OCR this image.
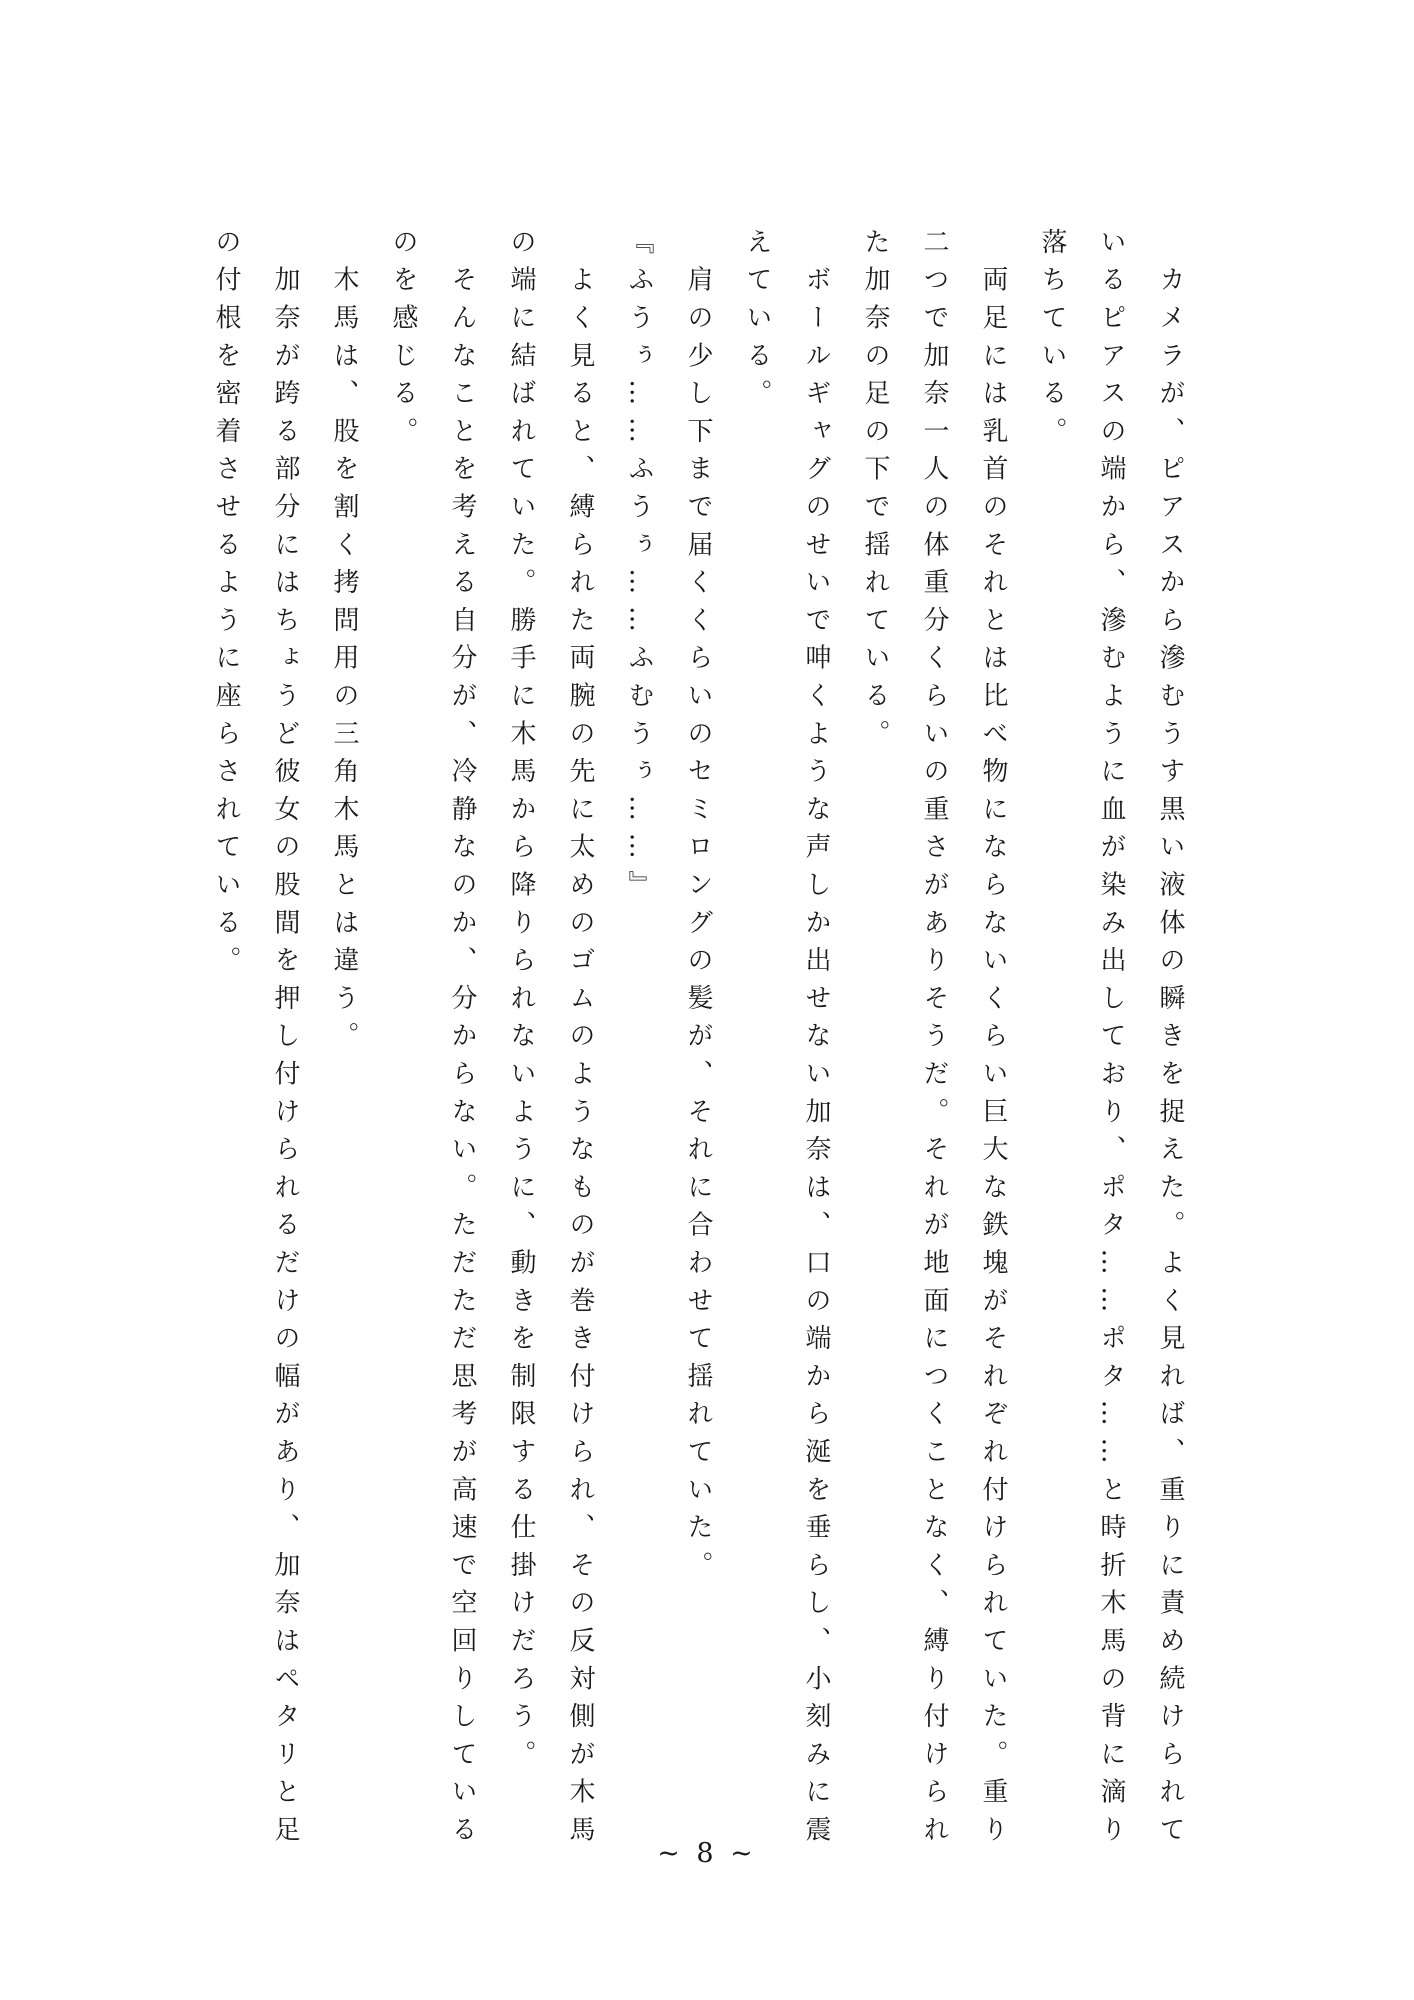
　カメラが、ピアスから滲むうす黒い液体の瞬きを捉えた。よく見れば、重りに責め続けられているピアスの端から、滲むように血が染み出しており、ポタ……ポタ……と時折木馬の背に滴り落ちている。

　両足には乳首のそれとは比べ物にならないくらい巨大な鉄塊がそれぞれ付けられていた。重り二つで加奈一人の体重分くらいの重さがありそうだ。それが地面につくことなく、縛り付けられた加奈の足の下で揺れている。

　ボールギャグのせいで呻くような声しか出せない加奈は、口の端から涎を垂らし、小刻みに震えている。

　肩の少し下まで届くくらいのセミロングの髪が、それに合わせて揺れていた。

『ふうぅ……ふうぅ……ふむうぅ……』

　よく見ると、縛られた両腕の先に太めのゴムのようなものが巻き付けられ、その反対側が木馬の端に結ばれていた。勝手に木馬から降りられないように、動きを制限する仕掛けだろう。

　そんなことを考える自分が、冷静なのか、分からない。ただただ思考が高速で空回りしているのを感じる。

　木馬は、股を割く拷問用の三角木馬とは違う。

　加奈が跨る部分にはちょうど彼女の股間を押し付けられるだけの幅があり、加奈はペタリと足の付根を密着させるように座らされている。

~ 8 ~
